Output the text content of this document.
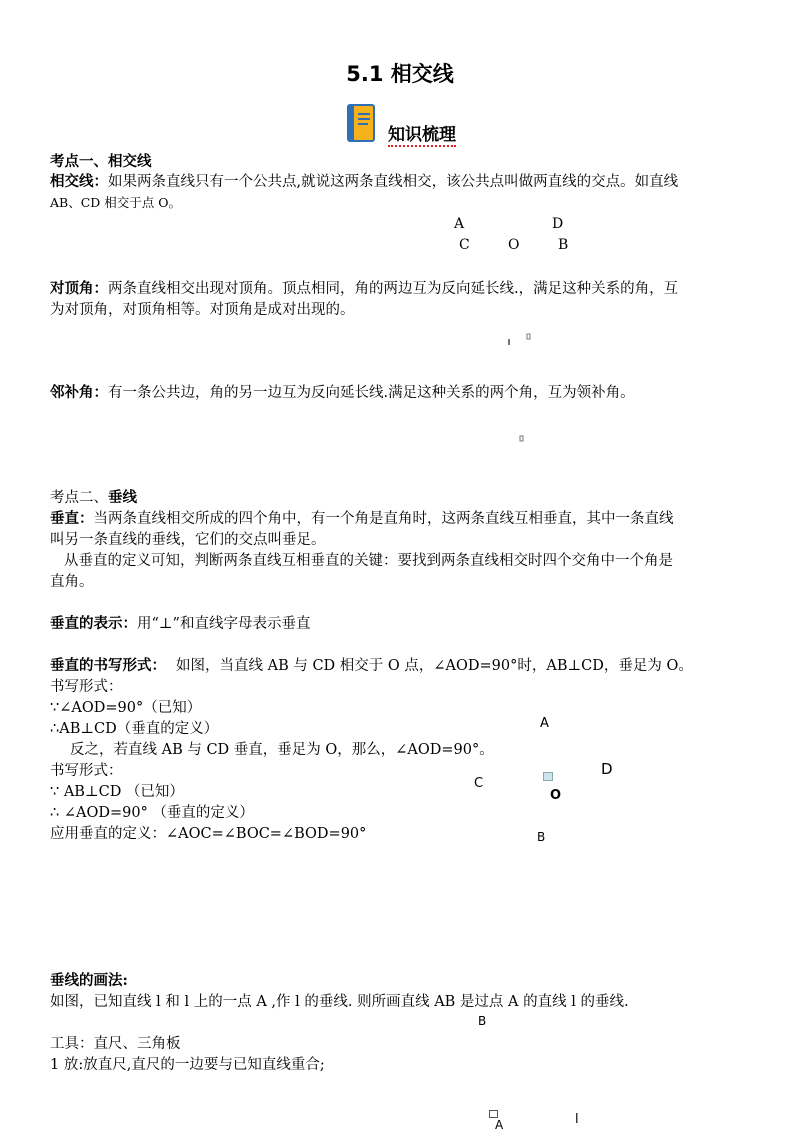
5.1 相交线
知识梳理
考点一、相交线
相交线：如果两条直线只有一个公共点,就说这两条直线相交，该公共点叫做两直线的交点。如直线
AB、CD 相交于点 O。
A	D
C	O	B
对顶角：两条直线相交出现对顶角。顶点相同，角的两边互为反向延长线.，满足这种关系的角，互
为对顶角，对顶角相等。对顶角是成对出现的。
邻补角：有一条公共边，角的另一边互为反向延长线.满足这种关系的两个角，互为领补角。
考点二、垂线
垂直：当两条直线相交所成的四个角中，有一个角是直角时，这两条直线互相垂直，其中一条直线
叫另一条直线的垂线，它们的交点叫垂足。
从垂直的定义可知，判断两条直线互相垂直的关键：要找到两条直线相交时四个交角中一个角是
直角。
垂直的表示：用“⊥”和直线字母表示垂直
垂直的书写形式： 如图，当直线 AB 与 CD 相交于 O 点，∠AOD=90°时，AB⊥CD，垂足为 O。
书写形式：
∵∠AOD=90°（已知）
∴AB⊥CD（垂直的定义）
反之，若直线 AB 与 CD 垂直，垂足为 O，那么，∠AOD=90°。
书写形式：
∵ AB⊥CD （已知）
∴ ∠AOD=90° （垂直的定义）
应用垂直的定义：∠AOC=∠BOC=∠BOD=90°
A
D
C
O
B
垂线的画法:
如图，已知直线 l 和 l 上的一点 A ,作 l 的垂线. 则所画直线 AB 是过点 A 的直线 l 的垂线.
B
工具：直尺、三角板
1 放:放直尺,直尺的一边要与已知直线重合;
A	l
